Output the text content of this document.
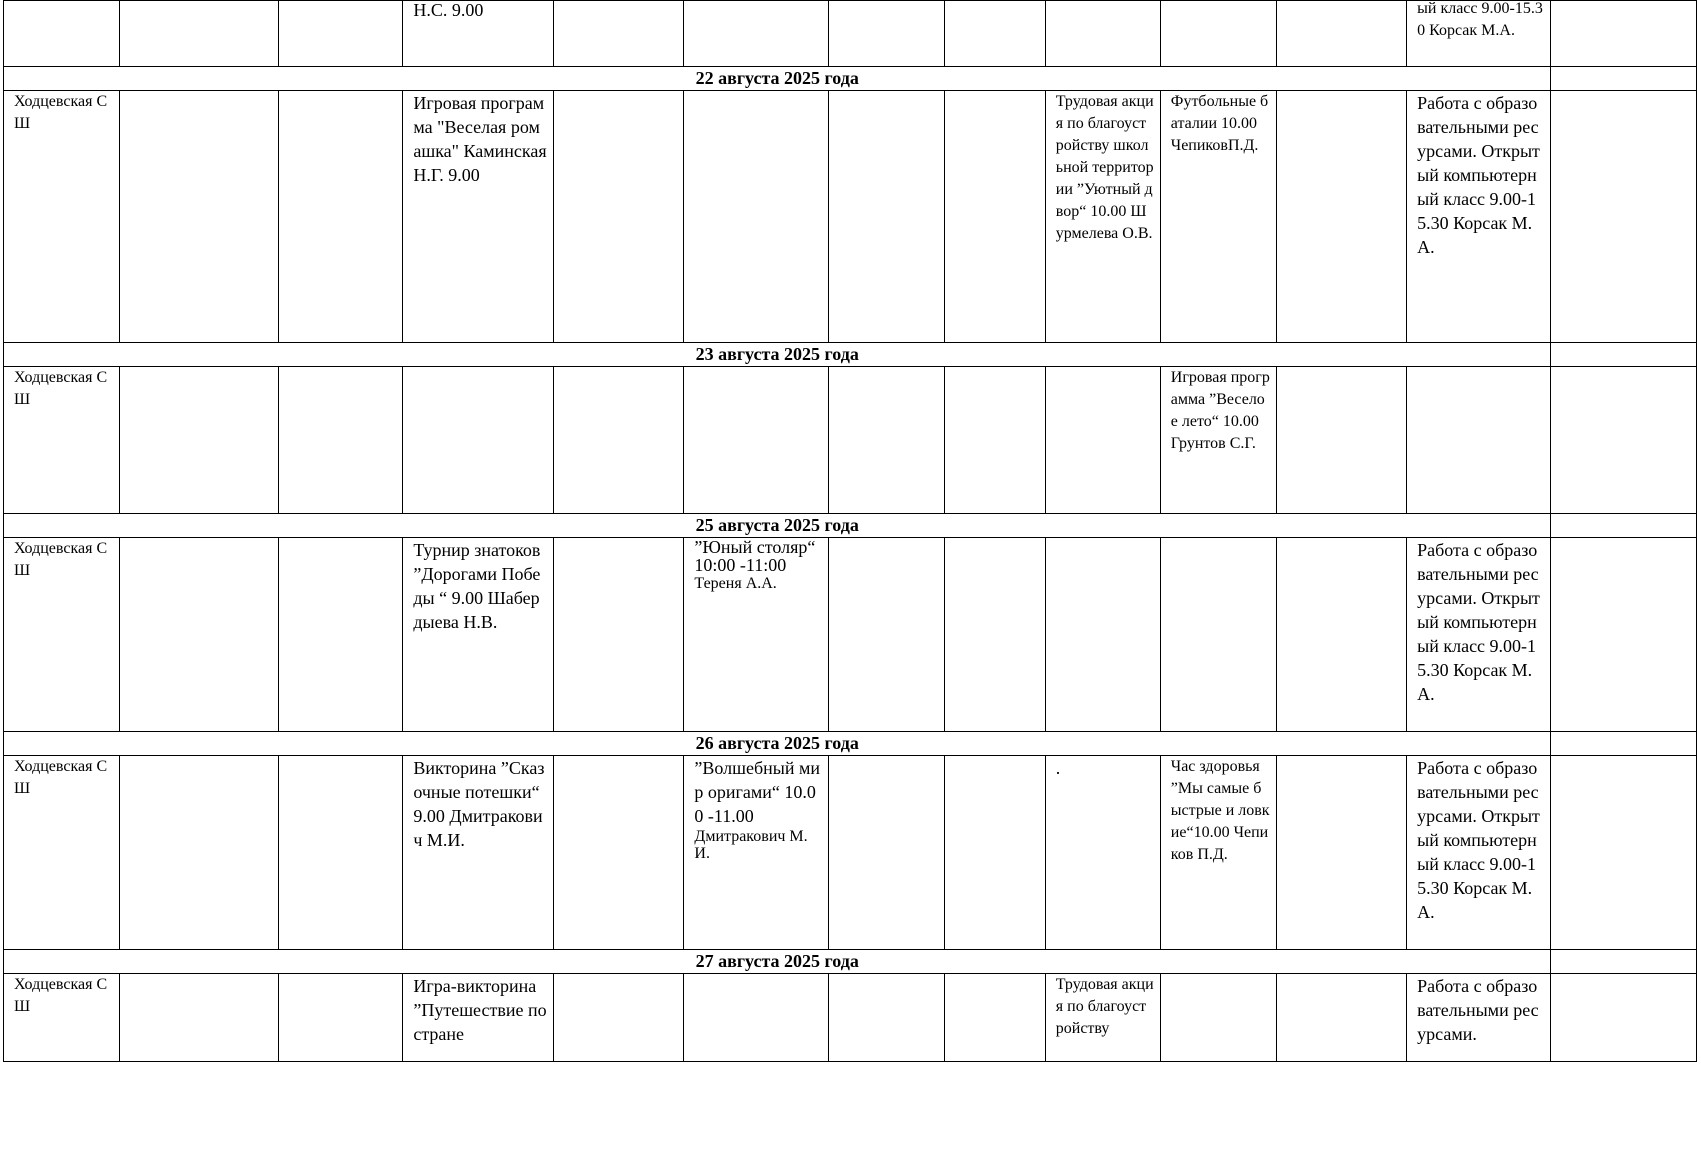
			Н.С. 9.00								ый класс 9.00-15.30 Корсак М.А.	

22 августа 2025 года												

Ходцевская СШ			Игровая программа "Веселая ромашка" Каминская Н.Г. 9.00					Трудовая акция по благоустройству школьной территории ”Уютный двор“ 10.00 Шурмелева О.В.	Футбольные баталии 10.00 ЧепиковП.Д.		Работа с образовательными ресурсами. Открытый компьютерный класс 9.00-15.30 Корсак М.А.	

23 августа 2025 года												

Ходцевская СШ									Игровая программа ”Веселое лето“ 10.00 Грунтов С.Г.			

25 августа 2025 года												

Ходцевская СШ			Турнир знатоков ”Дорогами Победы “ 9.00 Шабердыева Н.В.		”Юный столяр“ 10:00 -11:00
Тереня А.А.						Работа с образовательными ресурсами. Открытый компьютерный класс 9.00-15.30 Корсак М.А.	

26 августа 2025 года												

Ходцевская СШ			Викторина ”Сказочные потешки“ 9.00 Дмитракович М.И.		”Волшебный мир оригами“ 10.00 -11.00
Дмитракович М.И.			.	Час здоровья ”Мы самые быстрые и ловкие“10.00 Чепиков П.Д.		Работа с образовательными ресурсами. Открытый компьютерный класс 9.00-15.30 Корсак М.А.	

27 августа 2025 года												

Ходцевская СШ			Игра-викторина ”Путешествие по стране					Трудовая акция по благоустройству			Работа с образовательными ресурсами.	
